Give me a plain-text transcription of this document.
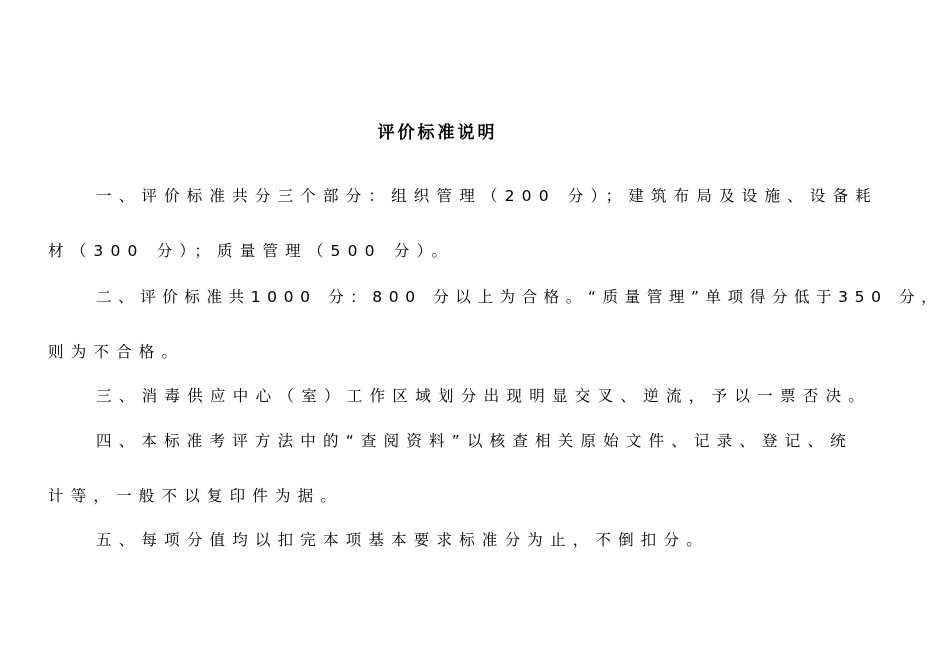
评价标准说明
一、评价标准共分三个部分：组织管理（200 分）；建筑布局及设施、设备耗
材（300 分）；质量管理（500 分）。
二、评价标准共1000 分：800 分以上为合格。“质量管理”单项得分低于350 分，
则为不合格。
三、消毒供应中心（室）工作区域划分出现明显交叉、逆流，予以一票否决。
四、本标准考评方法中的“查阅资料”以核查相关原始文件、记录、登记、统
计等，一般不以复印件为据。
五、每项分值均以扣完本项基本要求标准分为止，不倒扣分。
